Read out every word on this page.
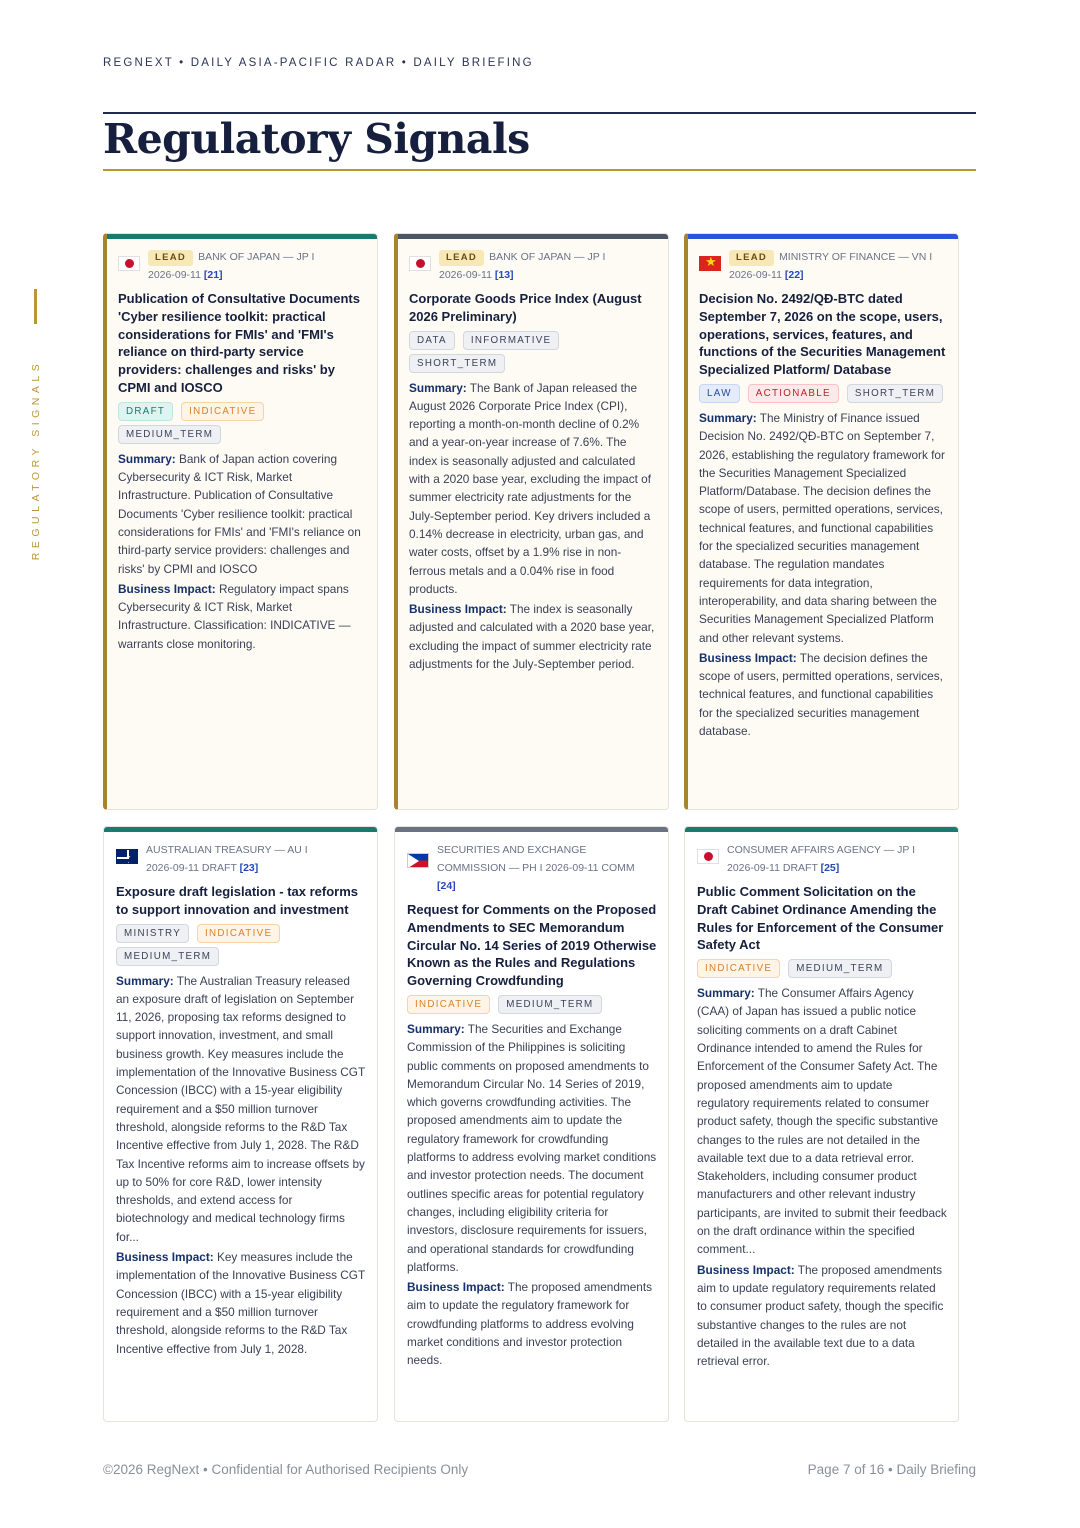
REGNEXT • DAILY ASIA-PACIFIC RADAR • DAILY BRIEFING
Regulatory Signals
REGULATORY SIGNALS
LEAD BANK OF JAPAN — JP I
2026-09-11 [21]
Publication of Consultative Documents 'Cyber resilience toolkit: practical considerations for FMIs' and 'FMI's reliance on third-party service providers: challenges and risks' by CPMI and IOSCO
DRAFT	INDICATIVE
MEDIUM_TERM

Summary: Bank of Japan action covering Cybersecurity & ICT Risk, Market Infrastructure. Publication of Consultative Documents 'Cyber resilience toolkit: practical considerations for FMIs' and 'FMI's reliance on third-party service providers: challenges and risks' by CPMI and IOSCO

Business Impact: Regulatory impact spans Cybersecurity & ICT Risk, Market Infrastructure. Classification: INDICATIVE — warrants close monitoring.

LEAD BANK OF JAPAN — JP I
2026-09-11 [13]
Corporate Goods Price Index (August 2026 Preliminary)
DATA	INFORMATIVE
SHORT_TERM

Summary: The Bank of Japan released the August 2026 Corporate Price Index (CPI), reporting a month-on-month decline of 0.2% and a year-on-year increase of 7.6%. The index is seasonally adjusted and calculated with a 2020 base year, excluding the impact of summer electricity rate adjustments for the July-September period. Key drivers included a 0.14% decrease in electricity, urban gas, and water costs, offset by a 1.9% rise in non-ferrous metals and a 0.04% rise in food products.

Business Impact: The index is seasonally adjusted and calculated with a 2020 base year, excluding the impact of summer electricity rate adjustments for the July-September period.

★
LEAD MINISTRY OF FINANCE — VN I
2026-09-11 [22]
Decision No. 2492/QĐ-BTC dated September 7, 2026 on the scope, users, operations, services, features, and functions of the Securities Management Specialized Platform/ Database
LAW	ACTIONABLE	SHORT_TERM

Summary: The Ministry of Finance issued Decision No. 2492/QĐ-BTC on September 7, 2026, establishing the regulatory framework for the Securities Management Specialized Platform/Database. The decision defines the scope of users, permitted operations, services, technical features, and functional capabilities for the specialized securities management database. The regulation mandates requirements for data integration, interoperability, and data sharing between the Securities Management Specialized Platform and other relevant systems.

Business Impact: The decision defines the scope of users, permitted operations, services, technical features, and functional capabilities for the specialized securities management database.

✦ ✦
AUSTRALIAN TREASURY — AU I
2026-09-11 DRAFT [23]
Exposure draft legislation - tax reforms to support innovation and investment
MINISTRY	INDICATIVE
MEDIUM_TERM

Summary: The Australian Treasury released an exposure draft of legislation on September 11, 2026, proposing tax reforms designed to support innovation, investment, and small business growth. Key measures include the implementation of the Innovative Business CGT Concession (IBCC) with a 15-year eligibility requirement and a $50 million turnover threshold, alongside reforms to the R&D Tax Incentive effective from July 1, 2028. The R&D Tax Incentive reforms aim to increase offsets by up to 50% for core R&D, lower intensity thresholds, and extend access for biotechnology and medical technology firms for...

Business Impact: Key measures include the implementation of the Innovative Business CGT Concession (IBCC) with a 15-year eligibility requirement and a $50 million turnover threshold, alongside reforms to the R&D Tax Incentive effective from July 1, 2028.

SECURITIES AND EXCHANGE COMMISSION — PH I 2026-09-11 COMM
[24]
Request for Comments on the Proposed Amendments to SEC Memorandum Circular No. 14 Series of 2019 Otherwise Known as the Rules and Regulations Governing Crowdfunding
INDICATIVE	MEDIUM_TERM

Summary: The Securities and Exchange Commission of the Philippines is soliciting public comments on proposed amendments to Memorandum Circular No. 14 Series of 2019, which governs crowdfunding activities. The proposed amendments aim to update the regulatory framework for crowdfunding platforms to address evolving market conditions and investor protection needs. The document outlines specific areas for potential regulatory changes, including eligibility criteria for investors, disclosure requirements for issuers, and operational standards for crowdfunding platforms.

Business Impact: The proposed amendments aim to update the regulatory framework for crowdfunding platforms to address evolving market conditions and investor protection needs.

CONSUMER AFFAIRS AGENCY — JP I
2026-09-11 DRAFT [25]
Public Comment Solicitation on the Draft Cabinet Ordinance Amending the Rules for Enforcement of the Consumer Safety Act
INDICATIVE	MEDIUM_TERM

Summary: The Consumer Affairs Agency (CAA) of Japan has issued a public notice soliciting comments on a draft Cabinet Ordinance intended to amend the Rules for Enforcement of the Consumer Safety Act. The proposed amendments aim to update regulatory requirements related to consumer product safety, though the specific substantive changes to the rules are not detailed in the available text due to a data retrieval error. Stakeholders, including consumer product manufacturers and other relevant industry participants, are invited to submit their feedback on the draft ordinance within the specified comment...

Business Impact: The proposed amendments aim to update regulatory requirements related to consumer product safety, though the specific substantive changes to the rules are not detailed in the available text due to a data retrieval error.

©2026 RegNext • Confidential for Authorised Recipients Only	Page 7 of 16 • Daily Briefing
